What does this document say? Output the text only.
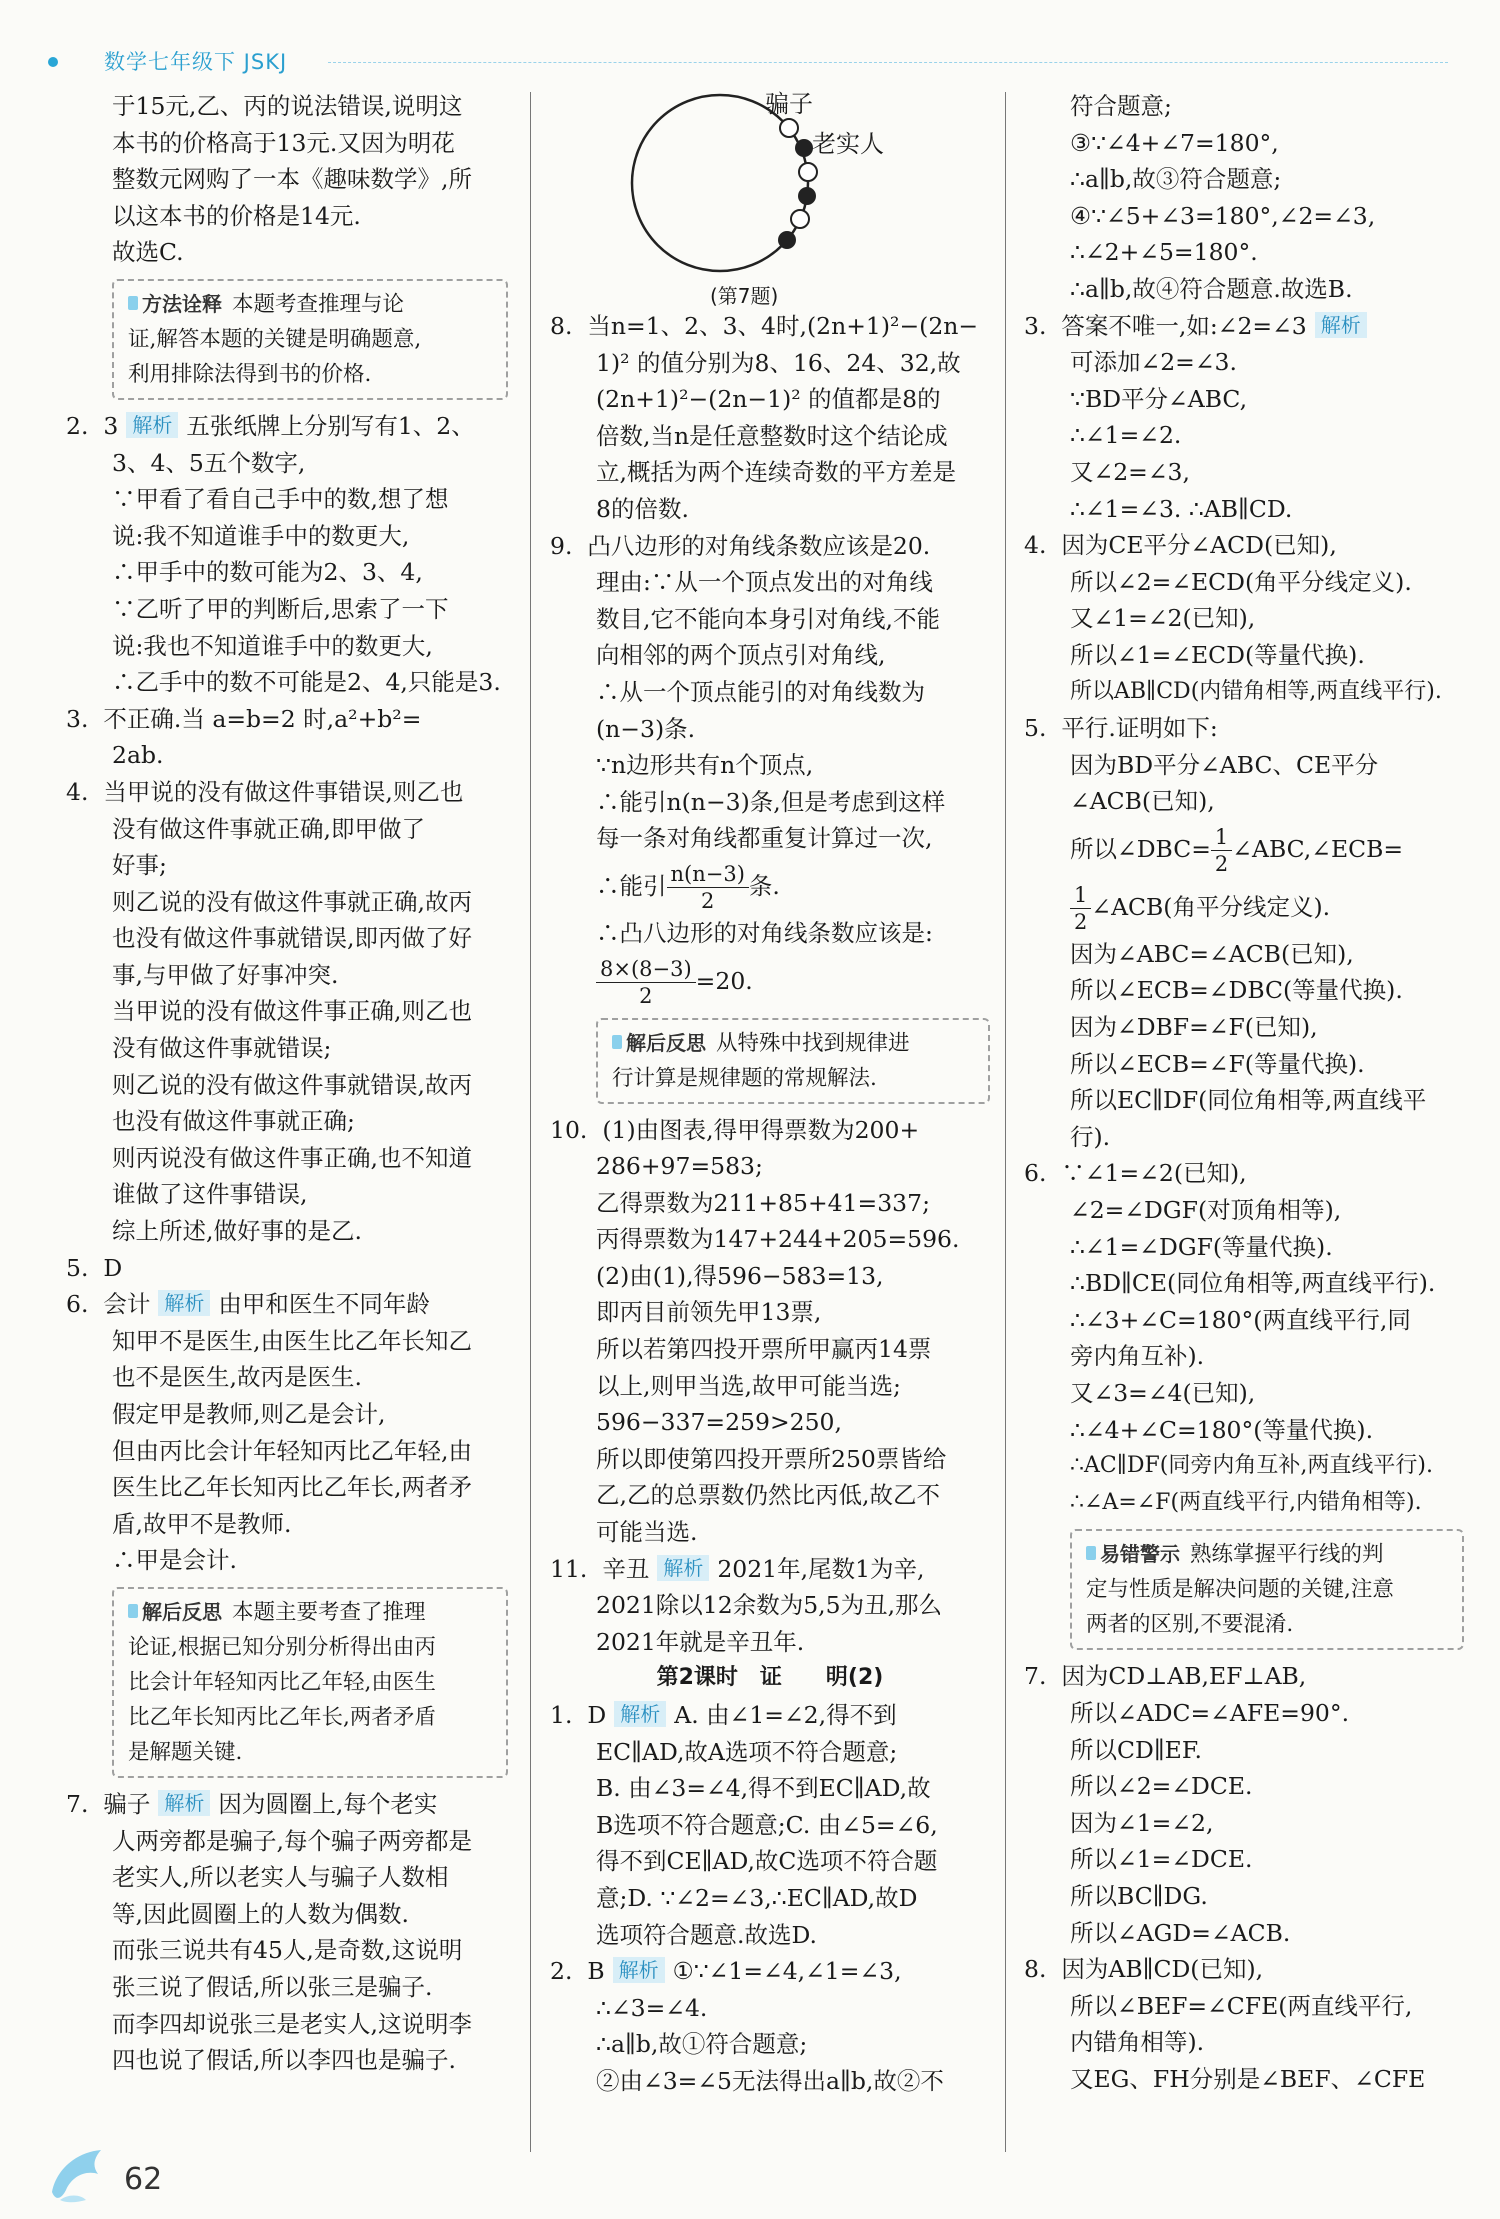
数学七年级下 JSKJ
于15元,乙、丙的说法错误,说明这
本书的价格高于13元.又因为明花
整数元网购了一本《趣味数学》,所
以这本书的价格是14元.
故选C.
方法诠释 本题考查推理与论
证,解答本题的关键是明确题意,
利用排除法得到书的价格.
2. 3 解析 五张纸牌上分别写有1、2、
3、4、5五个数字,
∵甲看了看自己手中的数,想了想
说:我不知道谁手中的数更大,
∴甲手中的数可能为2、3、4,
∵乙听了甲的判断后,思索了一下
说:我也不知道谁手中的数更大,
∴乙手中的数不可能是2、4,只能是3.
3. 不正确.当 a=b=2 时,a²+b²=
2ab.
4. 当甲说的没有做这件事错误,则乙也
没有做这件事就正确,即甲做了
好事;
则乙说的没有做这件事就正确,故丙
也没有做这件事就错误,即丙做了好
事,与甲做了好事冲突.
当甲说的没有做这件事正确,则乙也
没有做这件事就错误;
则乙说的没有做这件事就错误,故丙
也没有做这件事就正确;
则丙说没有做这件事正确,也不知道
谁做了这件事错误,
综上所述,做好事的是乙.
5. D
6. 会计 解析 由甲和医生不同年龄
知甲不是医生,由医生比乙年长知乙
也不是医生,故丙是医生.
假定甲是教师,则乙是会计,
但由丙比会计年轻知丙比乙年轻,由
医生比乙年长知丙比乙年长,两者矛
盾,故甲不是教师.
∴甲是会计.
解后反思 本题主要考查了推理
论证,根据已知分别分析得出由丙
比会计年轻知丙比乙年轻,由医生
比乙年长知丙比乙年长,两者矛盾
是解题关键.
7. 骗子 解析 因为圆圈上,每个老实
人两旁都是骗子,每个骗子两旁都是
老实人,所以老实人与骗子人数相
等,因此圆圈上的人数为偶数.
而张三说共有45人,是奇数,这说明
张三说了假话,所以张三是骗子.
而李四却说张三是老实人,这说明李
四也说了假话,所以李四也是骗子.
骗子
老实人
(第7题)
8. 当n=1、2、3、4时,(2n+1)²−(2n−
1)² 的值分别为8、16、24、32,故
(2n+1)²−(2n−1)² 的值都是8的
倍数,当n是任意整数时这个结论成
立,概括为两个连续奇数的平方差是
8的倍数.
9. 凸八边形的对角线条数应该是20.
理由:∵从一个顶点发出的对角线
数目,它不能向本身引对角线,不能
向相邻的两个顶点引对角线,
∴从一个顶点能引的对角线数为
(n−3)条.
∵n边形共有n个顶点,
∴能引n(n−3)条,但是考虑到这样
每一条对角线都重复计算过一次,
∴能引 $\frac{n(n-3)}{2}$ 条.
∴凸八边形的对角线条数应该是:
$\frac{8\times(8-3)}{2} =20$.
解后反思 从特殊中找到规律进
行计算是规律题的常规解法.
10. (1)由图表,得甲得票数为200+
286+97=583;
乙得票数为211+85+41=337;
丙得票数为147+244+205=596.
(2)由(1),得596−583=13,
即丙目前领先甲13票,
所以若第四投开票所甲赢丙14票
以上,则甲当选,故甲可能当选;
596−337=259>250,
所以即使第四投开票所250票皆给
乙,乙的总票数仍然比丙低,故乙不
可能当选.
11. 辛丑 解析 2021年,尾数1为辛,
2021除以12余数为5,5为丑,那么
2021年就是辛丑年.
第2课时　证　　明(2)
1. D 解析 A. 由∠1=∠2,得不到
EC∥AD,故A选项不符合题意;
B. 由∠3=∠4,得不到EC∥AD,故
B选项不符合题意;C. 由∠5=∠6,
得不到CE∥AD,故C选项不符合题
意;D. ∵∠2=∠3,∴EC∥AD,故D
选项符合题意.故选D.
2. B 解析 ①∵∠1=∠4,∠1=∠3,
∴∠3=∠4.
∴a∥b,故①符合题意;
②由∠3=∠5无法得出a∥b,故②不
符合题意;
③∵∠4+∠7=180°,
∴a∥b,故③符合题意;
④∵∠5+∠3=180°,∠2=∠3,
∴∠2+∠5=180°.
∴a∥b,故④符合题意.故选B.
3. 答案不唯一,如:∠2=∠3 解析
可添加∠2=∠3.
∵BD平分∠ABC,
∴∠1=∠2.
又∠2=∠3,
∴∠1=∠3. ∴AB∥CD.
4. 因为CE平分∠ACD(已知),
所以∠2=∠ECD(角平分线定义).
又∠1=∠2(已知),
所以∠1=∠ECD(等量代换).
所以AB∥CD(内错角相等,两直线平行).
5. 平行.证明如下:
因为BD平分∠ABC、CE平分
∠ACB(已知),
所以∠DBC= $\frac{1}{2}$ ∠ABC,∠ECB=
$\frac{1}{2}$ ∠ACB(角平分线定义).
因为∠ABC=∠ACB(已知),
所以∠ECB=∠DBC(等量代换).
因为∠DBF=∠F(已知),
所以∠ECB=∠F(等量代换).
所以EC∥DF(同位角相等,两直线平
行).
6. ∵∠1=∠2(已知),
∠2=∠DGF(对顶角相等),
∴∠1=∠DGF(等量代换).
∴BD∥CE(同位角相等,两直线平行).
∴∠3+∠C=180°(两直线平行,同
旁内角互补).
又∠3=∠4(已知),
∴∠4+∠C=180°(等量代换).
∴AC∥DF(同旁内角互补,两直线平行).
∴∠A=∠F(两直线平行,内错角相等).
易错警示 熟练掌握平行线的判
定与性质是解决问题的关键,注意
两者的区别,不要混淆.
7. 因为CD⊥AB,EF⊥AB,
所以∠ADC=∠AFE=90°.
所以CD∥EF.
所以∠2=∠DCE.
因为∠1=∠2,
所以∠1=∠DCE.
所以BC∥DG.
所以∠AGD=∠ACB.
8. 因为AB∥CD(已知),
所以∠BEF=∠CFE(两直线平行,
内错角相等).
又EG、FH分别是∠BEF、∠CFE
62
